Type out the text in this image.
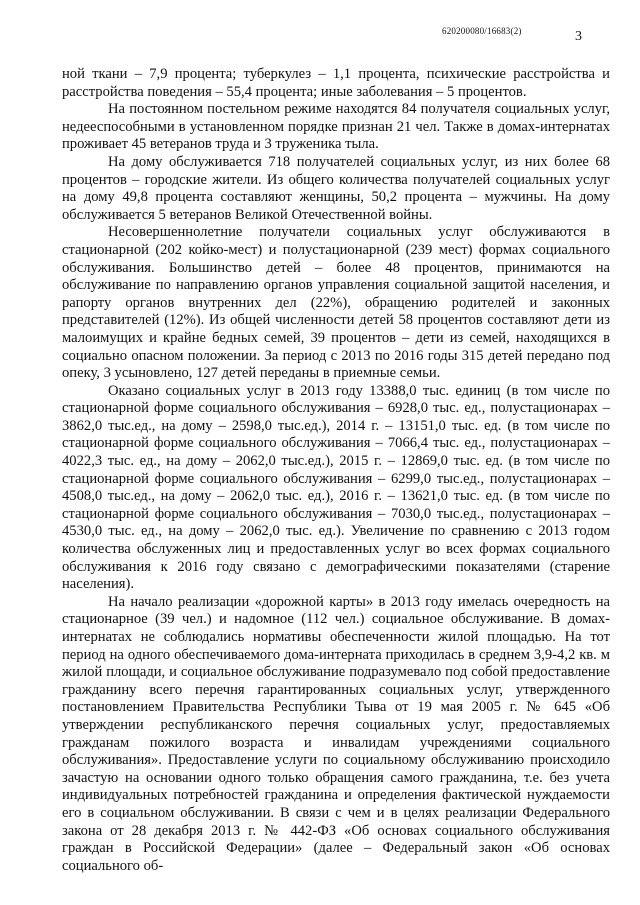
620200080/16683(2)	3

ной ткани – 7,9 процента; туберкулез – 1,1 процента, психические расстройства и расстройства поведения – 55,4 процента; иные заболевания – 5 процентов.

На постоянном постельном режиме находятся 84 получателя социальных услуг, недееспособными в установленном порядке признан 21 чел. Также в домах-интернатах проживает 45 ветеранов труда и 3 труженика тыла.

На дому обслуживается 718 получателей социальных услуг, из них более 68 процентов – городские жители. Из общего количества получателей социальных услуг на дому 49,8 процента составляют женщины, 50,2 процента – мужчины. На дому обслуживается 5 ветеранов Великой Отечественной войны.

Несовершеннолетние получатели социальных услуг обслуживаются в стационарной (202 койко-мест) и полустационарной (239 мест) формах социального обслуживания. Большинство детей – более 48 процентов, принимаются на обслуживание по направлению органов управления социальной защитой населения, и рапорту органов внутренних дел (22%), обращению родителей и законных представителей (12%). Из общей численности детей 58 процентов составляют дети из малоимущих и крайне бедных семей, 39 процентов – дети из семей, находящихся в социально опасном положении. За период с 2013 по 2016 годы 315 детей передано под опеку, 3 усыновлено, 127 детей переданы в приемные семьи.

Оказано социальных услуг в 2013 году 13388,0 тыс. единиц (в том числе по стационарной форме социального обслуживания – 6928,0 тыс. ед., полустационарах – 3862,0 тыс.ед., на дому – 2598,0 тыс.ед.), 2014 г. – 13151,0 тыс. ед. (в том числе по стационарной форме социального обслуживания – 7066,4 тыс. ед., полустационарах – 4022,3 тыс. ед., на дому – 2062,0 тыс.ед.), 2015 г. – 12869,0 тыс. ед. (в том числе по стационарной форме социального обслуживания – 6299,0 тыс.ед., полустационарах – 4508,0 тыс.ед., на дому – 2062,0 тыс. ед.), 2016 г. – 13621,0 тыс. ед. (в том числе по стационарной форме социального обслуживания – 7030,0 тыс.ед., полустационарах – 4530,0 тыс. ед., на дому – 2062,0 тыс. ед.). Увеличение по сравнению с 2013 годом количества обслуженных лиц и предоставленных услуг во всех формах социального обслуживания к 2016 году связано с демографическими показателями (старение населения).

На начало реализации «дорожной карты» в 2013 году имелась очередность на стационарное (39 чел.) и надомное (112 чел.) социальное обслуживание. В домах-интернатах не соблюдались нормативы обеспеченности жилой площадью. На тот период на одного обеспечиваемого дома-интерната приходилась в среднем 3,9-4,2 кв. м жилой площади, и социальное обслуживание подразумевало под собой предоставление гражданину всего перечня гарантированных социальных услуг, утвержденного постановлением Правительства Республики Тыва от 19 мая 2005 г. № 645 «Об утверждении республиканского перечня социальных услуг, предоставляемых гражданам пожилого возраста и инвалидам учреждениями социального обслуживания». Предоставление услуги по социальному обслуживанию происходило зачастую на основании одного только обращения самого гражданина, т.е. без учета индивидуальных потребностей гражданина и определения фактической нуждаемости его в социальном обслуживании. В связи с чем и в целях реализации Федерального закона от 28 декабря 2013 г. № 442-ФЗ «Об основах социального обслуживания граждан в Российской Федерации» (далее – Федеральный закон «Об основах социального об-
